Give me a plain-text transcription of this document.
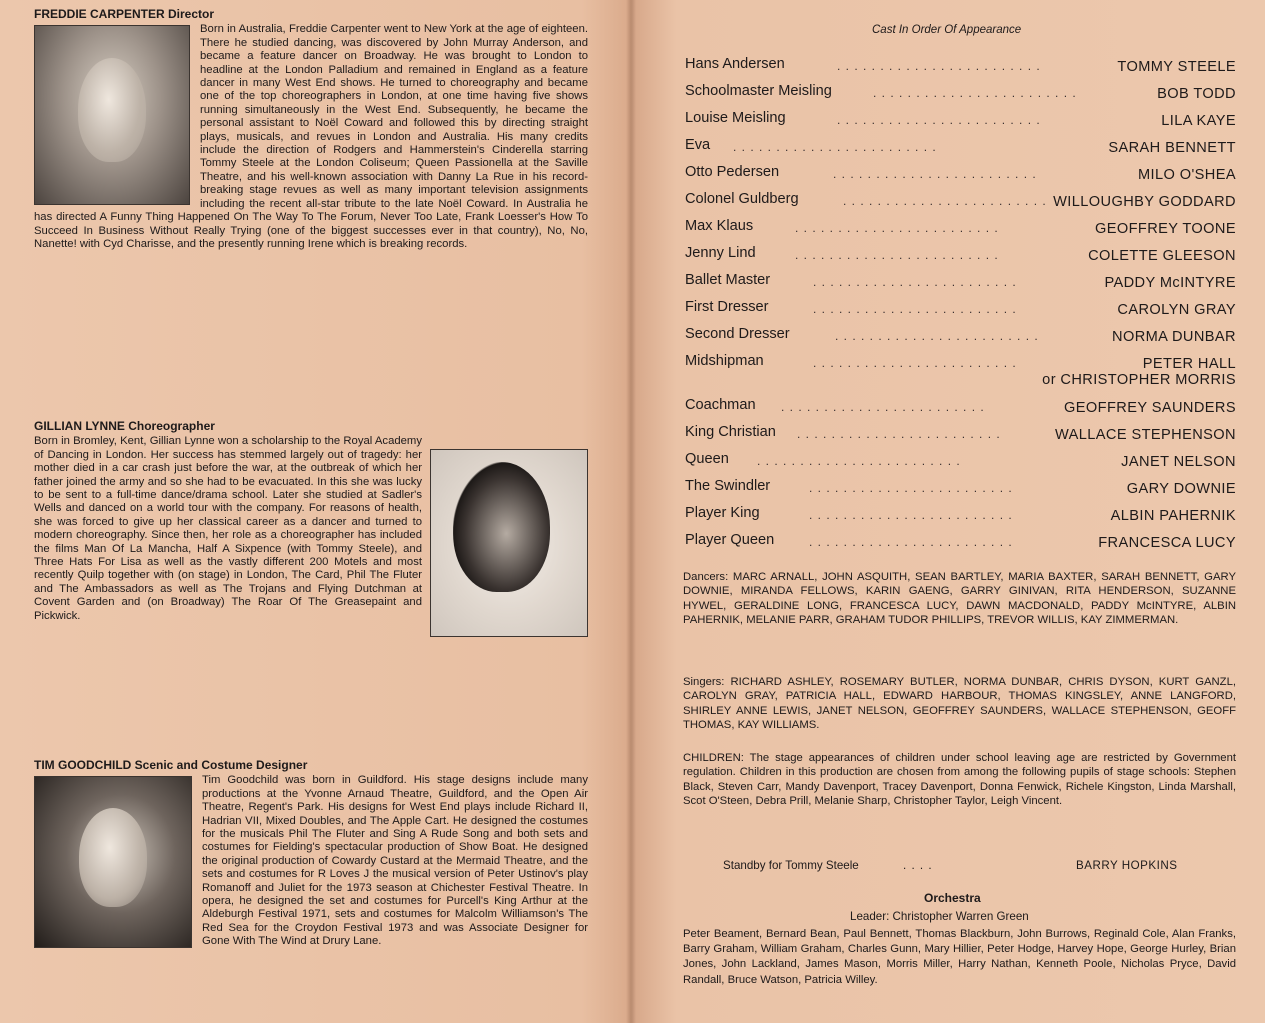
FREDDIE CARPENTER Director

Born in Australia, Freddie Carpenter went to New York at the age of eighteen. There he studied dancing, was discovered by John Murray Anderson, and became a feature dancer on Broadway. He was brought to London to headline at the London Palladium and remained in England as a feature dancer in many West End shows. He turned to choreography and became one of the top choreographers in London, at one time having five shows running simultaneously in the West End. Subsequently, he became the personal assistant to Noël Coward and followed this by directing straight plays, musicals, and revues in London and Australia. His many credits include the direction of Rodgers and Hammerstein's Cinderella starring Tommy Steele at the London Coliseum; Queen Passionella at the Saville Theatre, and his well-known association with Danny La Rue in his record-breaking stage revues as well as many important television assignments including the recent all-star tribute to the late Noël Coward. In Australia he has directed A Funny Thing Happened On The Way To The Forum, Never Too Late, Frank Loesser's How To Succeed In Business Without Really Trying (one of the biggest successes ever in that country), No, No, Nanette! with Cyd Charisse, and the presently running Irene which is breaking records.

GILLIAN LYNNE Choreographer

Born in Bromley, Kent, Gillian Lynne won a scholarship to the Royal Academy of Dancing in London. Her success has stemmed largely out of tragedy: her mother died in a car crash just before the war, at the outbreak of which her father joined the army and so she had to be evacuated. In this she was lucky to be sent to a full-time dance/drama school. Later she studied at Sadler's Wells and danced on a world tour with the company. For reasons of health, she was forced to give up her classical career as a dancer and turned to modern choreography. Since then, her role as a choreographer has included the films Man Of La Mancha, Half A Sixpence (with Tommy Steele), and Three Hats For Lisa as well as the vastly different 200 Motels and most recently Quilp together with (on stage) in London, The Card, Phil The Fluter and The Ambassadors as well as The Trojans and Flying Dutchman at Covent Garden and (on Broadway) The Roar Of The Greasepaint and Pickwick.

TIM GOODCHILD Scenic and Costume Designer

Tim Goodchild was born in Guildford. His stage designs include many productions at the Yvonne Arnaud Theatre, Guildford, and the Open Air Theatre, Regent's Park. His designs for West End plays include Richard II, Hadrian VII, Mixed Doubles, and The Apple Cart. He designed the costumes for the musicals Phil The Fluter and Sing A Rude Song and both sets and costumes for Fielding's spectacular production of Show Boat. He designed the original production of Cowardy Custard at the Mermaid Theatre, and the sets and costumes for R Loves J the musical version of Peter Ustinov's play Romanoff and Juliet for the 1973 season at Chichester Festival Theatre. In opera, he designed the set and costumes for Purcell's King Arthur at the Aldeburgh Festival 1971, sets and costumes for Malcolm Williamson's The Red Sea for the Croydon Festival 1973 and was Associate Designer for Gone With The Wind at Drury Lane.

Cast In Order Of Appearance
Hans Andersen	. . . . . . . . . . . . . . . . . . . . . . . .	TOMMY STEELE
Schoolmaster Meisling	. . . . . . . . . . . . . . . . . . . . . . . .	BOB TODD
Louise Meisling	. . . . . . . . . . . . . . . . . . . . . . . .	LILA KAYE
Eva . . . . . . . . . . . . . . . . . . . . . . . .	SARAH BENNETT
Otto Pedersen	. . . . . . . . . . . . . . . . . . . . . . . .	MILO O'SHEA
Colonel Guldberg	. . . . . . . . . . . . . . . . . . . . . . . . WILLOUGHBY GODDARD
Max Klaus	. . . . . . . . . . . . . . . . . . . . . . . .	GEOFFREY TOONE
Jenny Lind	. . . . . . . . . . . . . . . . . . . . . . . .	COLETTE GLEESON
Ballet Master	. . . . . . . . . . . . . . . . . . . . . . . .	PADDY McINTYRE
First Dresser	. . . . . . . . . . . . . . . . . . . . . . . .	CAROLYN GRAY
Second Dresser	. . . . . . . . . . . . . . . . . . . . . . . .	NORMA DUNBAR
Midshipman	. . . . . . . . . . . . . . . . . . . . . . . .	PETER HALL
or CHRISTOPHER MORRIS
Coachman . . . . . . . . . . . . . . . . . . . . . . . .	GEOFFREY SAUNDERS
King Christian . . . . . . . . . . . . . . . . . . . . . . . .	WALLACE STEPHENSON
Queen . . . . . . . . . . . . . . . . . . . . . . . .	JANET NELSON
The Swindler	. . . . . . . . . . . . . . . . . . . . . . . .	GARY DOWNIE
Player King	. . . . . . . . . . . . . . . . . . . . . . . .	ALBIN PAHERNIK
Player Queen	. . . . . . . . . . . . . . . . . . . . . . . .	FRANCESCA LUCY

Dancers: MARC ARNALL, JOHN ASQUITH, SEAN BARTLEY, MARIA BAXTER, SARAH BENNETT, GARY DOWNIE, MIRANDA FELLOWS, KARIN GAENG, GARRY GINIVAN, RITA HENDERSON, SUZANNE HYWEL, GERALDINE LONG, FRANCESCA LUCY, DAWN MACDONALD, PADDY McINTYRE, ALBIN PAHERNIK, MELANIE PARR, GRAHAM TUDOR PHILLIPS, TREVOR WILLIS, KAY ZIMMERMAN.

Singers: RICHARD ASHLEY, ROSEMARY BUTLER, NORMA DUNBAR, CHRIS DYSON, KURT GANZL, CAROLYN GRAY, PATRICIA HALL, EDWARD HARBOUR, THOMAS KINGSLEY, ANNE LANGFORD, SHIRLEY ANNE LEWIS, JANET NELSON, GEOFFREY SAUNDERS, WALLACE STEPHENSON, GEOFF THOMAS, KAY WILLIAMS.

CHILDREN: The stage appearances of children under school leaving age are restricted by Government regulation. Children in this production are chosen from among the following pupils of stage schools: Stephen Black, Steven Carr, Mandy Davenport, Tracey Davenport, Donna Fenwick, Richele Kingston, Linda Marshall, Scot O'Steen, Debra Prill, Melanie Sharp, Christopher Taylor, Leigh Vincent.

Standby for Tommy Steele	. . . .	BARRY HOPKINS
Orchestra
Leader: Christopher Warren Green
Peter Beament, Bernard Bean, Paul Bennett, Thomas Blackburn, John Burrows, Reginald Cole, Alan Franks, Barry Graham, William Graham, Charles Gunn, Mary Hillier, Peter Hodge, Harvey Hope, George Hurley, Brian Jones, John Lackland, James Mason, Morris Miller, Harry Nathan, Kenneth Poole, Nicholas Pryce, David Randall, Bruce Watson, Patricia Willey.
